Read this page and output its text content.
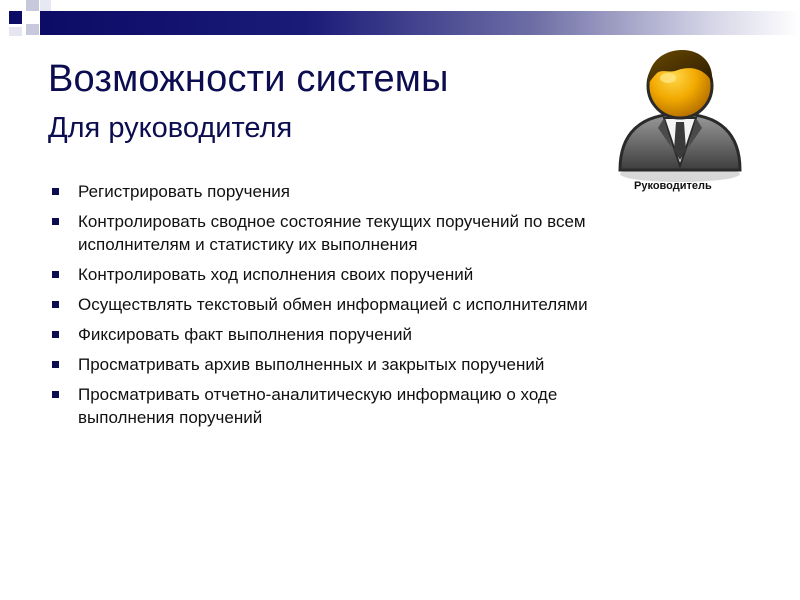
Возможности системы
Для руководителя
Регистрировать поручения
Контролировать сводное состояние текущих поручений по всем исполнителям и статистику их выполнения
Контролировать ход исполнения своих поручений
Осуществлять текстовый обмен информацией с исполнителями
Фиксировать факт выполнения поручений
Просматривать архив выполненных и закрытых поручений
Просматривать отчетно-аналитическую информацию о ходе выполнения поручений
Руководитель
